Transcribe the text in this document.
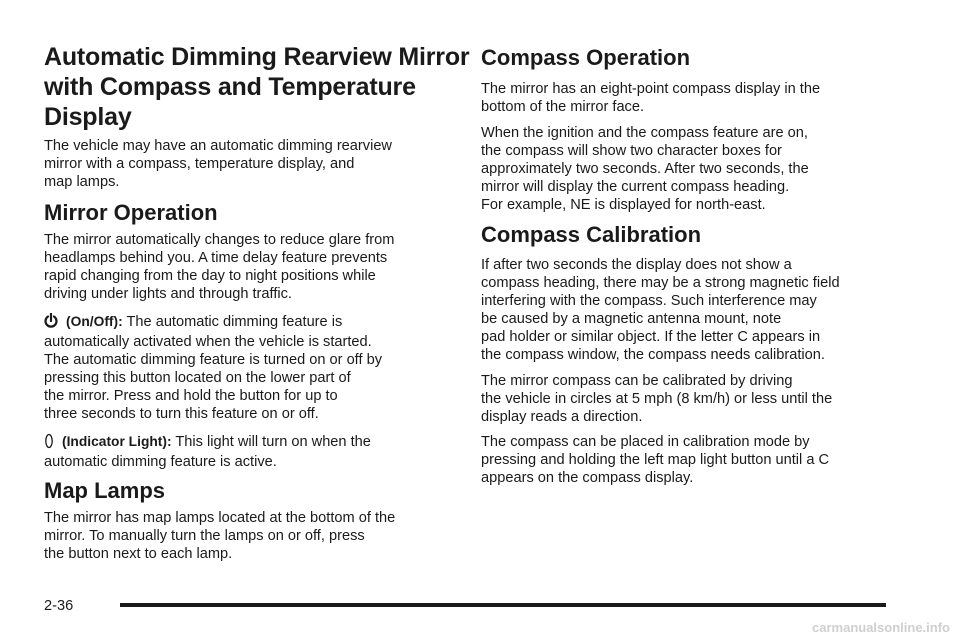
Automatic Dimming Rearview Mirror
with Compass and Temperature
Display

The vehicle may have an automatic dimming rearview

mirror with a compass, temperature display, and

map lamps.

Mirror Operation

The mirror automatically changes to reduce glare from

headlamps behind you. A time delay feature prevents

rapid changing from the day to night positions while

driving under lights and through traffic.

(On/Off): The automatic dimming feature is

automatically activated when the vehicle is started.

The automatic dimming feature is turned on or off by

pressing this button located on the lower part of

the mirror. Press and hold the button for up to

three seconds to turn this feature on or off.

(Indicator Light): This light will turn on when the

automatic dimming feature is active.

Map Lamps

The mirror has map lamps located at the bottom of the

mirror. To manually turn the lamps on or off, press

the button next to each lamp.

Compass Operation

The mirror has an eight-point compass display in the

bottom of the mirror face.

When the ignition and the compass feature are on,

the compass will show two character boxes for

approximately two seconds. After two seconds, the

mirror will display the current compass heading.

For example, NE is displayed for north-east.

Compass Calibration

If after two seconds the display does not show a

compass heading, there may be a strong magnetic field

interfering with the compass. Such interference may

be caused by a magnetic antenna mount, note

pad holder or similar object. If the letter C appears in

the compass window, the compass needs calibration.

The mirror compass can be calibrated by driving

the vehicle in circles at 5 mph (8 km/h) or less until the

display reads a direction.

The compass can be placed in calibration mode by

pressing and holding the left map light button until a C

appears on the compass display.

2-36
carmanualsonline.info
